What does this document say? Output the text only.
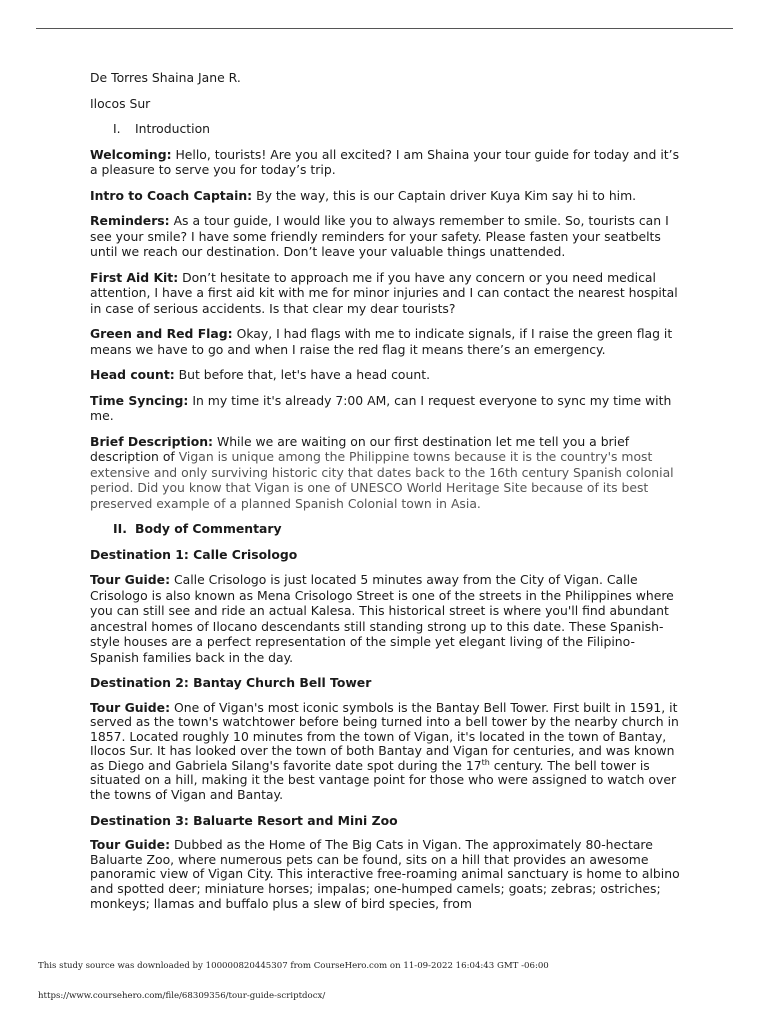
De Torres Shaina Jane R.
Ilocos Sur
I.	Introduction

Welcoming: Hello, tourists! Are you all excited? I am Shaina your tour guide for today and it’s a pleasure to serve you for today’s trip.

Intro to Coach Captain: By the way, this is our Captain driver Kuya Kim say hi to him.

Reminders: As a tour guide, I would like you to always remember to smile. So, tourists can I see your smile? I have some friendly reminders for your safety. Please fasten your seatbelts until we reach our destination. Don’t leave your valuable things unattended.

First Aid Kit: Don’t hesitate to approach me if you have any concern or you need medical attention, I have a first aid kit with me for minor injuries and I can contact the nearest hospital in case of serious accidents. Is that clear my dear tourists?

Green and Red Flag: Okay, I had flags with me to indicate signals, if I raise the green flag it means we have to go and when I raise the red flag it means there’s an emergency.

Head count: But before that, let's have a head count.

Time Syncing: In my time it's already 7:00 AM, can I request everyone to sync my time with me.

Brief Description: While we are waiting on our first destination let me tell you a brief description of Vigan is unique among the Philippine towns because it is the country's most extensive and only surviving historic city that dates back to the 16th century Spanish colonial period. Did you know that Vigan is one of UNESCO World Heritage Site because of its best preserved example of a planned Spanish Colonial town in Asia.

II. Body of Commentary
Destination 1: Calle Crisologo

Tour Guide: Calle Crisologo is just located 5 minutes away from the City of Vigan. Calle Crisologo is also known as Mena Crisologo Street is one of the streets in the Philippines where you can still see and ride an actual Kalesa. This historical street is where you'll find abundant ancestral homes of Ilocano descendants still standing strong up to this date. These Spanish-style houses are a perfect representation of the simple yet elegant living of the Filipino-Spanish families back in the day.

Destination 2: Bantay Church Bell Tower

Tour Guide: One of Vigan's most iconic symbols is the Bantay Bell Tower. First built in 1591, it served as the town's watchtower before being turned into a bell tower by the nearby church in 1857. Located roughly 10 minutes from the town of Vigan, it's located in the town of Bantay, Ilocos Sur. It has looked over the town of both Bantay and Vigan for centuries, and was known as Diego and Gabriela Silang's favorite date spot during the 17th century. The bell tower is situated on a hill, making it the best vantage point for those who were assigned to watch over the towns of Vigan and Bantay.

Destination 3: Baluarte Resort and Mini Zoo

Tour Guide: Dubbed as the Home of The Big Cats in Vigan. The approximately 80-hectare Baluarte Zoo, where numerous pets can be found, sits on a hill that provides an awesome panoramic view of Vigan City. This interactive free-roaming animal sanctuary is home to albino and spotted deer; miniature horses; impalas; one-humped camels; goats; zebras; ostriches; monkeys; llamas and buffalo plus a slew of bird species, from

This study source was downloaded by 100000820445307 from CourseHero.com on 11-09-2022 16:04:43 GMT -06:00
https://www.coursehero.com/file/68309356/tour-guide-scriptdocx/
